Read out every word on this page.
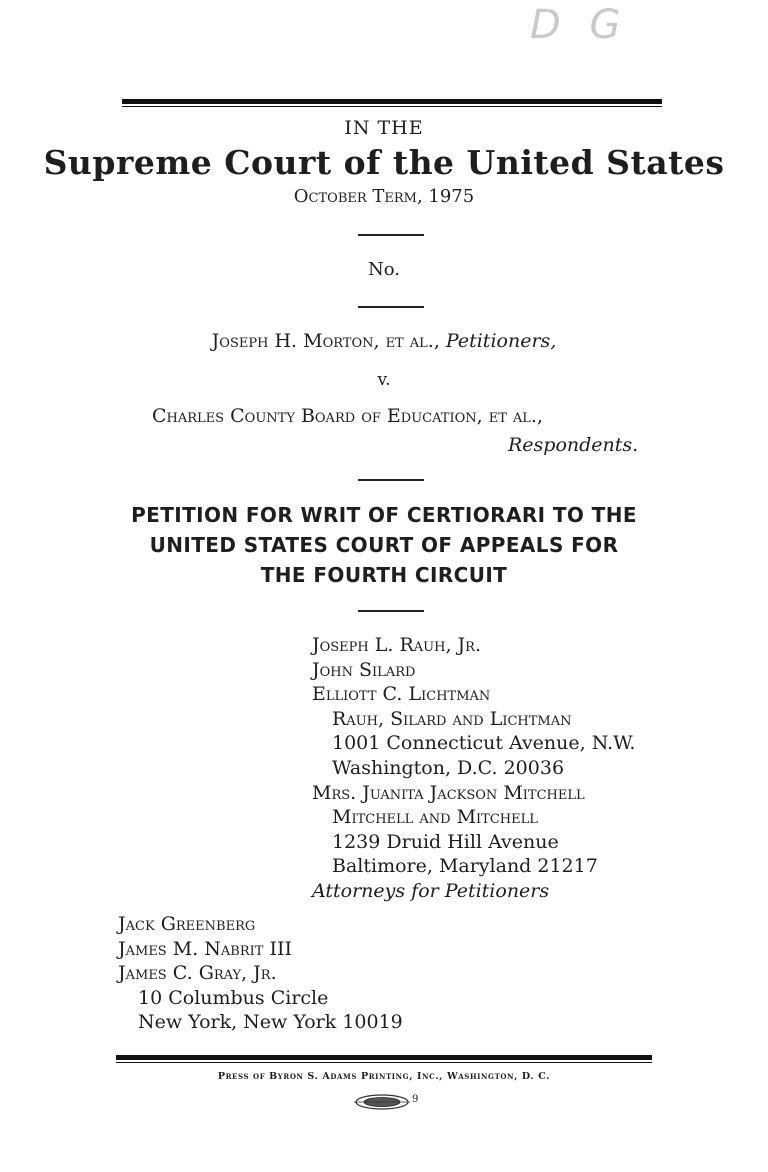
D G
IN THE
Supreme Court of the United States
October Term, 1975
No.
Joseph H. Morton, et al., Petitioners,
v.
Charles County Board of Education, et al.,
Respondents.
PETITION FOR WRIT OF CERTIORARI TO THE
UNITED STATES COURT OF APPEALS FOR
THE FOURTH CIRCUIT
Joseph L. Rauh, Jr.
John Silard
Elliott C. Lichtman
Rauh, Silard and Lichtman
1001 Connecticut Avenue, N.W.
Washington, D.C. 20036
Mrs. Juanita Jackson Mitchell
Mitchell and Mitchell
1239 Druid Hill Avenue
Baltimore, Maryland 21217
Attorneys for Petitioners
Jack Greenberg
James M. Nabrit III
James C. Gray, Jr.
10 Columbus Circle
New York, New York 10019
Press of Byron S. Adams Printing, Inc., Washington, D. C.
9
